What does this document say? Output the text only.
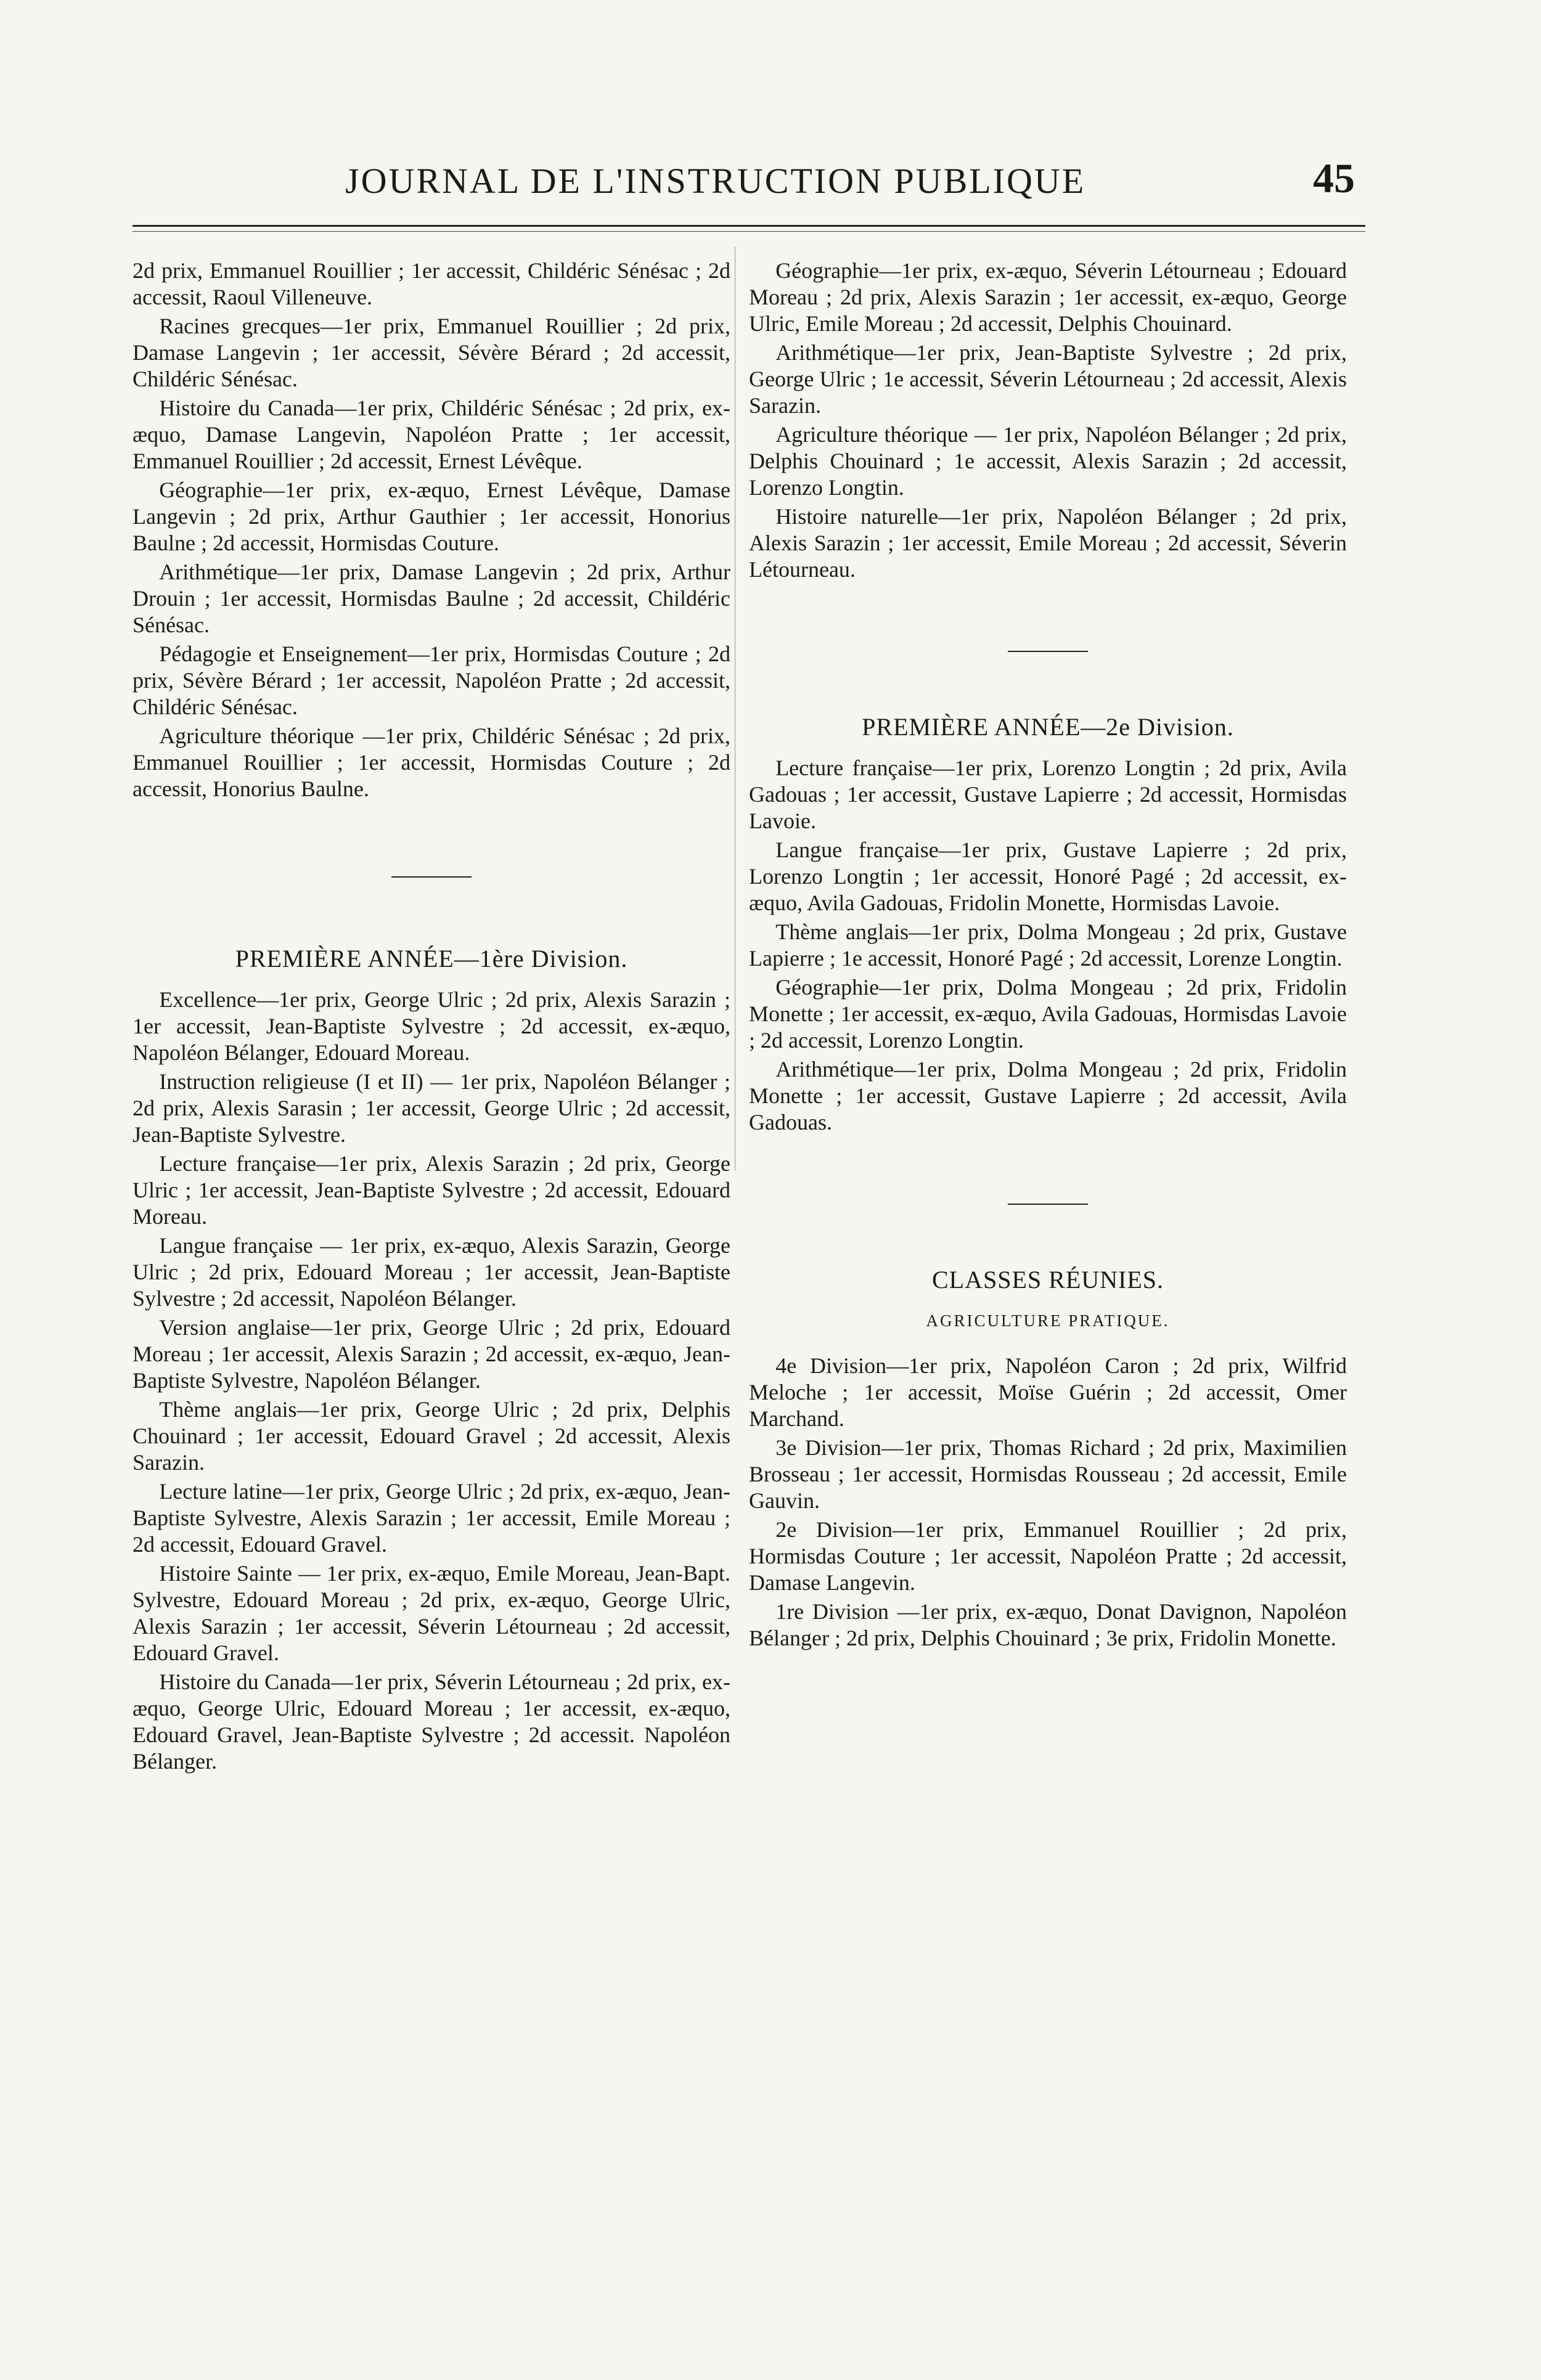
JOURNAL DE L'INSTRUCTION PUBLIQUE	45

2d prix, Emmanuel Rouillier ; 1er accessit, Childéric Sénésac ; 2d accessit, Raoul Villeneuve.

Racines grecques—1er prix, Emmanuel Rouillier ; 2d prix, Damase Langevin ; 1er accessit, Sévère Bérard ; 2d accessit, Childéric Sénésac.

Histoire du Canada—1er prix, Childéric Sénésac ; 2d prix, ex-æquo, Damase Langevin, Napoléon Pratte ; 1er accessit, Emmanuel Rouillier ; 2d accessit, Ernest Lévêque.

Géographie—1er prix, ex-æquo, Ernest Lévêque, Damase Langevin ; 2d prix, Arthur Gauthier ; 1er accessit, Honorius Baulne ; 2d accessit, Hormisdas Couture.

Arithmétique—1er prix, Damase Langevin ; 2d prix, Arthur Drouin ; 1er accessit, Hormisdas Baulne ; 2d accessit, Childéric Sénésac.

Pédagogie et Enseignement—1er prix, Hormisdas Couture ; 2d prix, Sévère Bérard ; 1er accessit, Napoléon Pratte ; 2d accessit, Childéric Sénésac.

Agriculture théorique —1er prix, Childéric Sénésac ; 2d prix, Emmanuel Rouillier ; 1er accessit, Hormisdas Couture ; 2d accessit, Honorius Baulne.

PREMIÈRE ANNÉE—1ère Division.

Excellence—1er prix, George Ulric ; 2d prix, Alexis Sarazin ; 1er accessit, Jean-Baptiste Sylvestre ; 2d accessit, ex-æquo, Napoléon Bélanger, Edouard Moreau.

Instruction religieuse (I et II) — 1er prix, Napoléon Bélanger ; 2d prix, Alexis Sarasin ; 1er accessit, George Ulric ; 2d accessit, Jean-Baptiste Sylvestre.

Lecture française—1er prix, Alexis Sarazin ; 2d prix, George Ulric ; 1er accessit, Jean-Baptiste Sylvestre ; 2d accessit, Edouard Moreau.

Langue française — 1er prix, ex-æquo, Alexis Sarazin, George Ulric ; 2d prix, Edouard Moreau ; 1er accessit, Jean-Baptiste Sylvestre ; 2d accessit, Napoléon Bélanger.

Version anglaise—1er prix, George Ulric ; 2d prix, Edouard Moreau ; 1er accessit, Alexis Sarazin ; 2d accessit, ex-æquo, Jean-Baptiste Sylvestre, Napoléon Bélanger.

Thème anglais—1er prix, George Ulric ; 2d prix, Delphis Chouinard ; 1er accessit, Edouard Gravel ; 2d accessit, Alexis Sarazin.

Lecture latine—1er prix, George Ulric ; 2d prix, ex-æquo, Jean-Baptiste Sylvestre, Alexis Sarazin ; 1er accessit, Emile Moreau ; 2d accessit, Edouard Gravel.

Histoire Sainte — 1er prix, ex-æquo, Emile Moreau, Jean-Bapt. Sylvestre, Edouard Moreau ; 2d prix, ex-æquo, George Ulric, Alexis Sarazin ; 1er accessit, Séverin Létourneau ; 2d accessit, Edouard Gravel.

Histoire du Canada—1er prix, Séverin Létourneau ; 2d prix, ex-æquo, George Ulric, Edouard Moreau ; 1er accessit, ex-æquo, Edouard Gravel, Jean-Baptiste Sylvestre ; 2d accessit. Napoléon Bélanger.

Géographie—1er prix, ex-æquo, Séverin Létourneau ; Edouard Moreau ; 2d prix, Alexis Sarazin ; 1er accessit, ex-æquo, George Ulric, Emile Moreau ; 2d accessit, Delphis Chouinard.

Arithmétique—1er prix, Jean-Baptiste Sylvestre ; 2d prix, George Ulric ; 1e accessit, Séverin Létourneau ; 2d accessit, Alexis Sarazin.

Agriculture théorique — 1er prix, Napoléon Bélanger ; 2d prix, Delphis Chouinard ; 1e accessit, Alexis Sarazin ; 2d accessit, Lorenzo Longtin.

Histoire naturelle—1er prix, Napoléon Bélanger ; 2d prix, Alexis Sarazin ; 1er accessit, Emile Moreau ; 2d accessit, Séverin Létourneau.

PREMIÈRE ANNÉE—2e Division.

Lecture française—1er prix, Lorenzo Longtin ; 2d prix, Avila Gadouas ; 1er accessit, Gustave Lapierre ; 2d accessit, Hormisdas Lavoie.

Langue française—1er prix, Gustave Lapierre ; 2d prix, Lorenzo Longtin ; 1er accessit, Honoré Pagé ; 2d accessit, ex-æquo, Avila Gadouas, Fridolin Monette, Hormisdas Lavoie.

Thème anglais—1er prix, Dolma Mongeau ; 2d prix, Gustave Lapierre ; 1e accessit, Honoré Pagé ; 2d accessit, Lorenze Longtin.

Géographie—1er prix, Dolma Mongeau ; 2d prix, Fridolin Monette ; 1er accessit, ex-æquo, Avila Gadouas, Hormisdas Lavoie ; 2d accessit, Lorenzo Longtin.

Arithmétique—1er prix, Dolma Mongeau ; 2d prix, Fridolin Monette ; 1er accessit, Gustave Lapierre ; 2d accessit, Avila Gadouas.

CLASSES RÉUNIES.
AGRICULTURE PRATIQUE.

4e Division—1er prix, Napoléon Caron ; 2d prix, Wilfrid Meloche ; 1er accessit, Moïse Guérin ; 2d accessit, Omer Marchand.

3e Division—1er prix, Thomas Richard ; 2d prix, Maximilien Brosseau ; 1er accessit, Hormisdas Rousseau ; 2d accessit, Emile Gauvin.

2e Division—1er prix, Emmanuel Rouillier ; 2d prix, Hormisdas Couture ; 1er accessit, Napoléon Pratte ; 2d accessit, Damase Langevin.

1re Division —1er prix, ex-æquo, Donat Davignon, Napoléon Bélanger ; 2d prix, Delphis Chouinard ; 3e prix, Fridolin Monette.
